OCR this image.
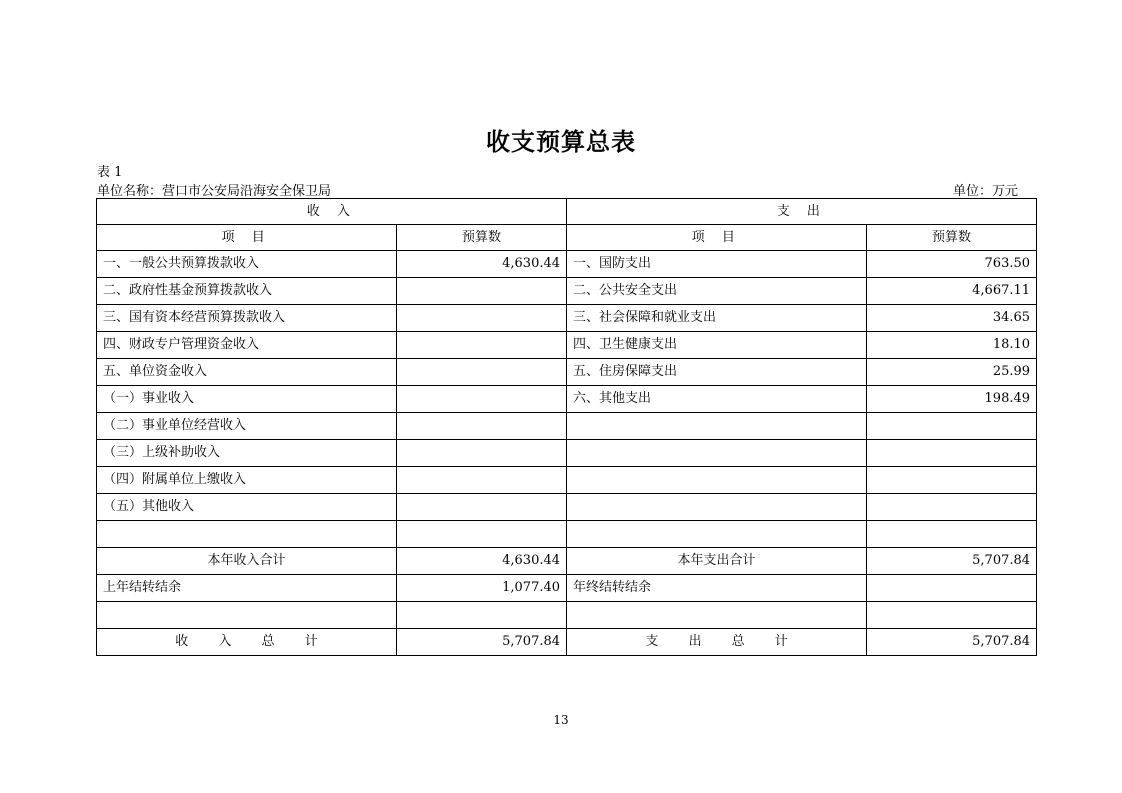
收支预算总表
表 1
单位名称：营口市公安局沿海安全保卫局	单位：万元
收 入		支 出	
项 目	预算数	项 目	预算数
一、一般公共预算拨款收入	4,630.44	一、国防支出	763.50
二、政府性基金预算拨款收入		二、公共安全支出	4,667.11
三、国有资本经营预算拨款收入		三、社会保障和就业支出	34.65
四、财政专户管理资金收入		四、卫生健康支出	18.10
五、单位资金收入		五、住房保障支出	25.99
（一）事业收入		六、其他支出	198.49
（二）事业单位经营收入			
（三）上级补助收入			
（四）附属单位上缴收入			
（五）其他收入			

本年收入合计	4,630.44	本年支出合计	5,707.84
上年结转结余	1,077.40	年终结转结余	

收 入 总 计	5,707.84	支 出 总 计	5,707.84
13
